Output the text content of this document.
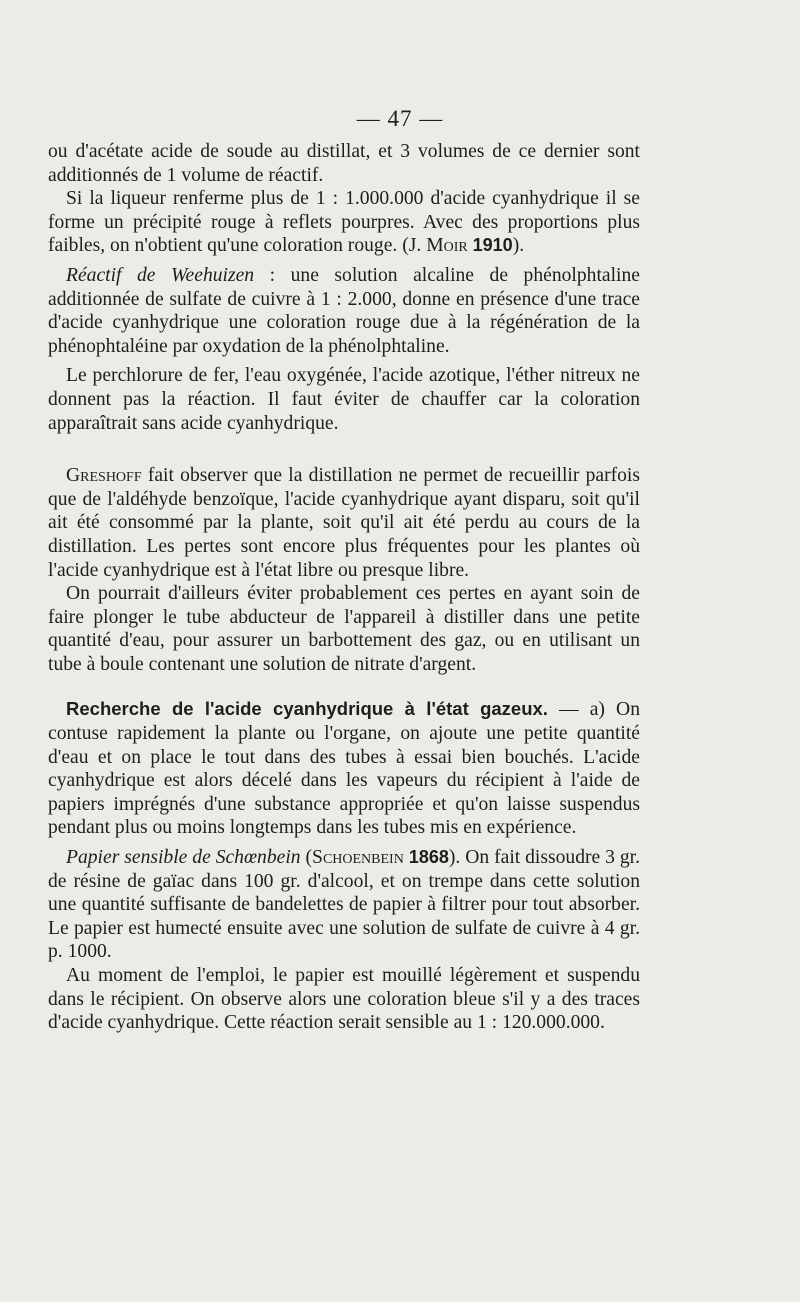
— 47 —

ou d'acétate acide de soude au distillat, et 3 volumes de ce dernier sont additionnés de 1 volume de réactif.

Si la liqueur renferme plus de 1 : 1.000.000 d'acide cyanhydrique il se forme un précipité rouge à reflets pourpres. Avec des proportions plus faibles, on n'obtient qu'une coloration rouge. (J. Moir 1910).

Réactif de Weehuizen : une solution alcaline de phénolphtaline additionnée de sulfate de cuivre à 1 : 2.000, donne en présence d'une trace d'acide cyanhydrique une coloration rouge due à la régénération de la phénophtaléine par oxydation de la phénolphtaline.

Le perchlorure de fer, l'eau oxygénée, l'acide azotique, l'éther nitreux ne donnent pas la réaction. Il faut éviter de chauffer car la coloration apparaîtrait sans acide cyanhydrique.

Greshoff fait observer que la distillation ne permet de recueillir parfois que de l'aldéhyde benzoïque, l'acide cyanhydrique ayant disparu, soit qu'il ait été consommé par la plante, soit qu'il ait été perdu au cours de la distillation. Les pertes sont encore plus fréquentes pour les plantes où l'acide cyanhydrique est à l'état libre ou presque libre.

On pourrait d'ailleurs éviter probablement ces pertes en ayant soin de faire plonger le tube abducteur de l'appareil à distiller dans une petite quantité d'eau, pour assurer un barbottement des gaz, ou en utilisant un tube à boule contenant une solution de nitrate d'argent.

Recherche de l'acide cyanhydrique à l'état gazeux. — a) On contuse rapidement la plante ou l'organe, on ajoute une petite quantité d'eau et on place le tout dans des tubes à essai bien bouchés. L'acide cyanhydrique est alors décelé dans les vapeurs du récipient à l'aide de papiers imprégnés d'une substance appropriée et qu'on laisse suspendus pendant plus ou moins longtemps dans les tubes mis en expérience.

Papier sensible de Schœnbein (Schoenbein 1868). On fait dissoudre 3 gr. de résine de gaïac dans 100 gr. d'alcool, et on trempe dans cette solution une quantité suffisante de bandelettes de papier à filtrer pour tout absorber. Le papier est humecté ensuite avec une solution de sulfate de cuivre à 4 gr. p. 1000.

Au moment de l'emploi, le papier est mouillé légèrement et suspendu dans le récipient. On observe alors une coloration bleue s'il y a des traces d'acide cyanhydrique. Cette réaction serait sensible au 1 : 120.000.000.
